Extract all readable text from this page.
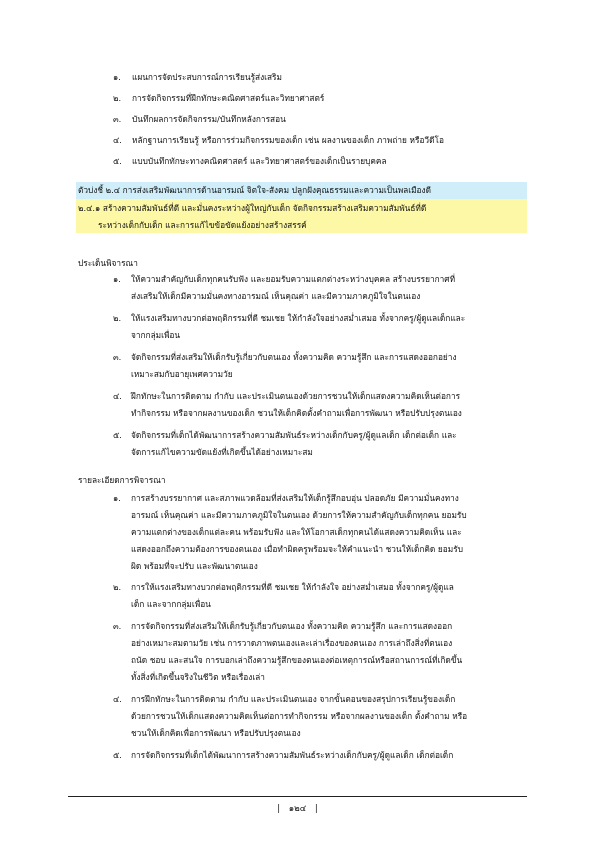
๑.	แผนการจัดประสบการณ์การเรียนรู้ส่งเสริม
๒.	การจัดกิจกรรมที่ฝึกทักษะคณิตศาสตร์และวิทยาศาสตร์
๓.	บันทึกผลการจัดกิจกรรม/บันทึกหลังการสอน
๔.	หลักฐานการเรียนรู้ หรือการร่วมกิจกรรมของเด็ก เช่น ผลงานของเด็ก ภาพถ่าย หรือวีดีโอ
๕.	แบบบันทึกทักษะทางคณิตศาสตร์ และวิทยาศาสตร์ของเด็กเป็นรายบุคคล
ตัวบ่งชี้ ๒.๔ การส่งเสริมพัฒนาการด้านอารมณ์ จิตใจ-สังคม ปลูกฝังคุณธรรมและความเป็นพลเมืองดี
๒.๔.๑ สร้างความสัมพันธ์ที่ดี และมั่นคงระหว่างผู้ใหญ่กับเด็ก จัดกิจกรรมสร้างเสริมความสัมพันธ์ที่ดี
ระหว่างเด็กกับเด็ก และการแก้ไขข้อขัดแย้งอย่างสร้างสรรค์
ประเด็นพิจารณา
๑. ให้ความสำคัญกับเด็กทุกคนรับฟัง และยอมรับความแตกต่างระหว่างบุคคล สร้างบรรยากาศที่
ส่งเสริมให้เด็กมีความมั่นคงทางอารมณ์ เห็นคุณค่า และมีความภาคภูมิใจในตนเอง
๒. ให้แรงเสริมทางบวกต่อพฤติกรรมที่ดี ชมเชย ให้กำลังใจอย่างสม่ำเสมอ ทั้งจากครู/ผู้ดูแลเด็กและ
จากกลุ่มเพื่อน
๓. จัดกิจกรรมที่ส่งเสริมให้เด็กรับรู้เกี่ยวกับตนเอง ทั้งความคิด ความรู้สึก และการแสดงออกอย่าง
เหมาะสมกับอายุเพศความวัย
๔. ฝึกทักษะในการติดตาม กำกับ และประเมินตนเองด้วยการชวนให้เด็กแสดงความคิดเห็นต่อการ
ทำกิจกรรม หรือจากผลงานของเด็ก ชวนให้เด็กคิดตั้งคำถามเพื่อการพัฒนา หรือปรับปรุงตนเอง
๕. จัดกิจกรรมที่เด็กได้พัฒนาการสร้างความสัมพันธ์ระหว่างเด็กกับครู/ผู้ดูแลเด็ก เด็กต่อเด็ก และ
จัดการแก้ไขความขัดแย้งที่เกิดขึ้นได้อย่างเหมาะสม
รายละเอียดการพิจารณา
๑. การสร้างบรรยากาศ และสภาพแวดล้อมที่ส่งเสริมให้เด็กรู้สึกอบอุ่น ปลอดภัย มีความมั่นคงทาง
อารมณ์ เห็นคุณค่า และมีความภาคภูมิใจในตนเอง ด้วยการให้ความสำคัญกับเด็กทุกคน ยอมรับ
ความแตกต่างของเด็กแต่ละคน พร้อมรับฟัง และให้โอกาสเด็กทุกคนได้แสดงความคิดเห็น และ
แสดงออกถึงความต้องการของตนเอง เมื่อทำผิดครูพร้อมจะให้คำแนะนำ ชวนให้เด็กคิด ยอมรับ
ผิด พร้อมที่จะปรับ และพัฒนาตนเอง
๒. การให้แรงเสริมทางบวกต่อพฤติกรรมที่ดี ชมเชย ให้กำลังใจ อย่างสม่ำเสมอ ทั้งจากครู/ผู้ดูแล
เด็ก และจากกลุ่มเพื่อน
๓. การจัดกิจกรรมที่ส่งเสริมให้เด็กรับรู้เกี่ยวกับตนเอง ทั้งความคิด ความรู้สึก และการแสดงออก
อย่างเหมาะสมตามวัย เช่น การวาดภาพตนเองและเล่าเรื่องของตนเอง การเล่าถึงสิ่งที่ตนเอง
ถนัด ชอบ และสนใจ การบอกเล่าถึงความรู้สึกของตนเองต่อเหตุการณ์หรือสถานการณ์ที่เกิดขึ้น
ทั้งสิ่งที่เกิดขึ้นจริงในชีวิต หรือเรื่องเล่า
๔. การฝึกทักษะในการติดตาม กำกับ และประเมินตนเอง จากขั้นตอนของสรุปการเรียนรู้ของเด็ก
ด้วยการชวนให้เด็กแสดงความคิดเห็นต่อการทำกิจกรรม หรือจากผลงานของเด็ก ตั้งคำถาม หรือ
ชวนให้เด็กคิดเพื่อการพัฒนา หรือปรับปรุงตนเอง
๕. การจัดกิจกรรมที่เด็กได้พัฒนาการสร้างความสัมพันธ์ระหว่างเด็กกับครู/ผู้ดูแลเด็ก เด็กต่อเด็ก
| ๑๒๔ |
